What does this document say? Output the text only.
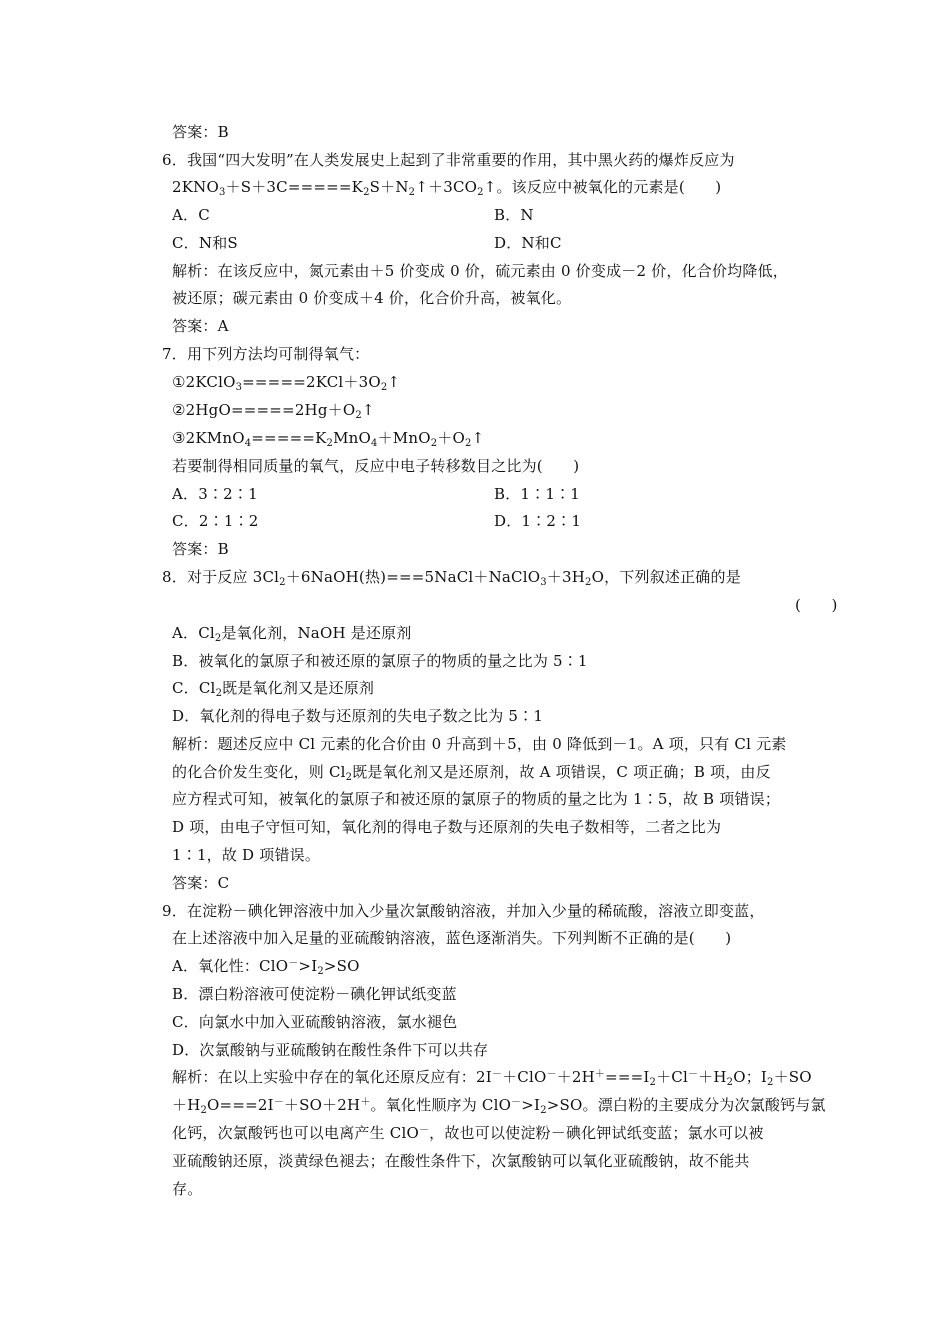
答案：B
6．我国“四大发明”在人类发展史上起到了非常重要的作用，其中黑火药的爆炸反应为
$2KNO_3+S+3C=====K_2S+N_2↑+3CO_2↑$。该反应中被氧化的元素是(　　)
A．C	B．N
C．N和S	D．N和C
解析：在该反应中，氮元素由＋5 价变成 0 价，硫元素由 0 价变成－2 价，化合价均降低，
被还原；碳元素由 0 价变成＋4 价，化合价升高，被氧化。
答案：A
7．用下列方法均可制得氧气：
$①2KClO_3=====2KCl+3O_2↑$
$②2HgO=====2Hg+O_2↑$
$③2KMnO_4=====K_2MnO_4+MnO_2+O_2↑$
若要制得相同质量的氧气，反应中电子转移数目之比为(　　)
A．3∶2∶1	B．1∶1∶1
C．2∶1∶2	D．1∶2∶1
答案：B
8．对于反应 $3Cl_2+6NaOH$(热)$===5NaCl+NaClO_3+3H_2O$，下列叙述正确的是
(　　)
A．$Cl_2$是氧化剂，NaOH 是还原剂
B．被氧化的氯原子和被还原的氯原子的物质的量之比为 5∶1
C．$Cl_2$既是氧化剂又是还原剂
D．氧化剂的得电子数与还原剂的失电子数之比为 5∶1
解析：题述反应中 Cl 元素的化合价由 0 升高到＋5，由 0 降低到－1。A 项，只有 Cl 元素
的化合价发生变化，则 $Cl_2$既是氧化剂又是还原剂，故 A 项错误，C 项正确；B 项，由反
应方程式可知，被氧化的氯原子和被还原的氯原子的物质的量之比为 1∶5，故 B 项错误；
D 项，由电子守恒可知，氧化剂的得电子数与还原剂的失电子数相等，二者之比为
1∶1，故 D 项错误。
答案：C
9．在淀粉－碘化钾溶液中加入少量次氯酸钠溶液，并加入少量的稀硫酸，溶液立即变蓝，
在上述溶液中加入足量的亚硫酸钠溶液，蓝色逐渐消失。下列判断不正确的是(　　)
A．氧化性：$ClO^->I_2>SO$
B．漂白粉溶液可使淀粉－碘化钾试纸变蓝
C．向氯水中加入亚硫酸钠溶液，氯水褪色
D．次氯酸钠与亚硫酸钠在酸性条件下可以共存
解析：在以上实验中存在的氧化还原反应有：$2I^-+ClO^-+2H^+===I_2+Cl^-+H_2O$；$I_2+SO$
$+H_2O===2I^-+SO+2H^+$。氧化性顺序为 $ClO^->I_2>SO$。漂白粉的主要成分为次氯酸钙与氯
化钙，次氯酸钙也可以电离产生 ClO－，故也可以使淀粉－碘化钾试纸变蓝；氯水可以被
亚硫酸钠还原，淡黄绿色褪去；在酸性条件下，次氯酸钠可以氧化亚硫酸钠，故不能共
存。
